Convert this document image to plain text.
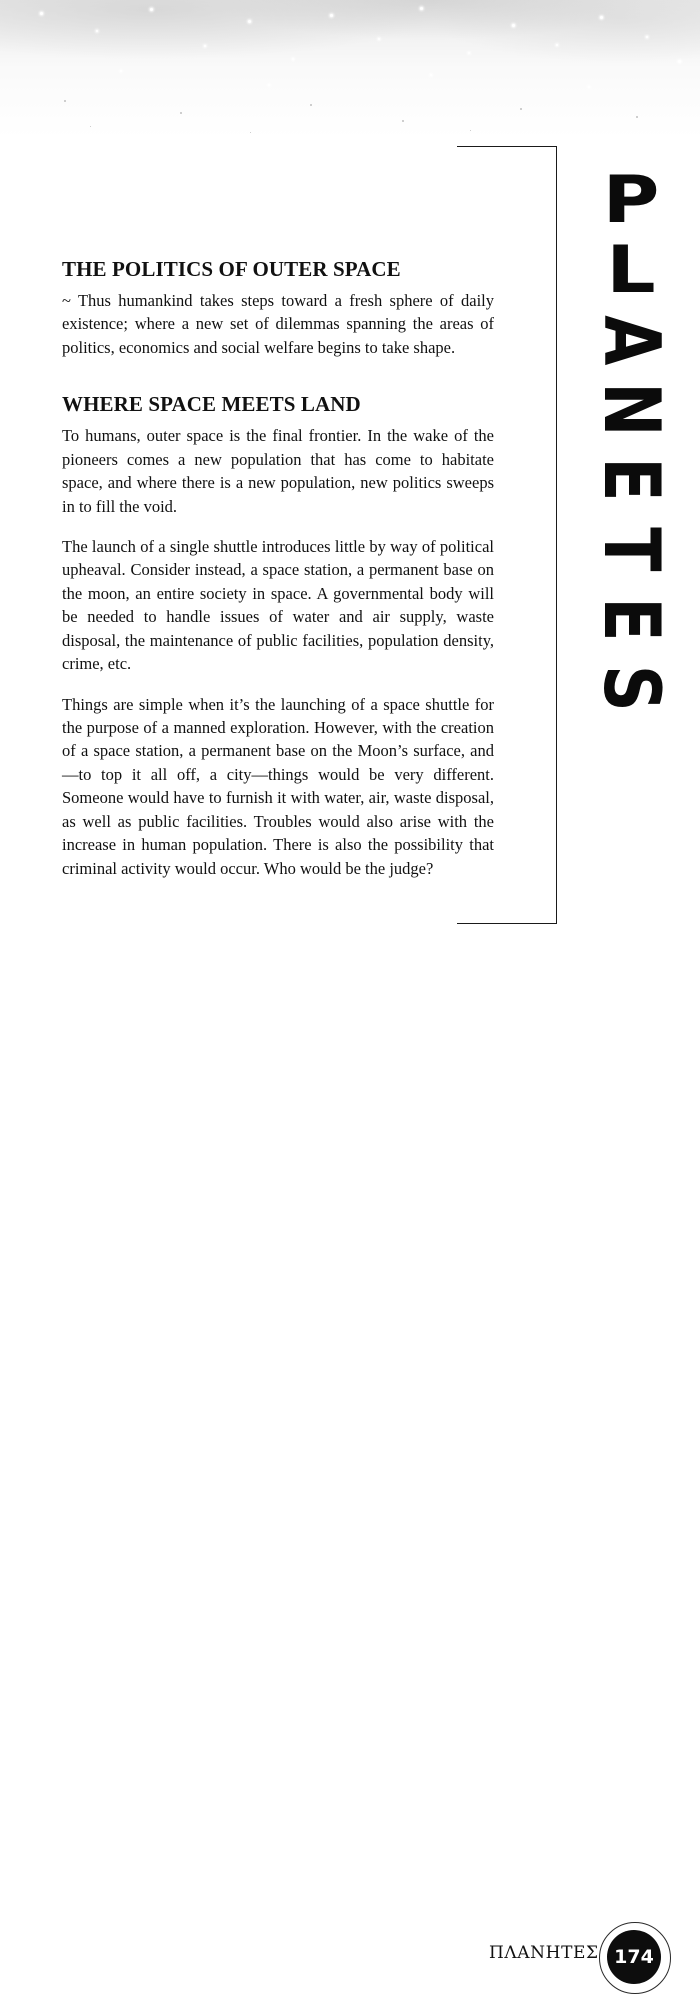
THE POLITICS OF OUTER SPACE

~ Thus humankind takes steps toward a fresh sphere of daily existence; where a new set of dilemmas spanning the areas of politics, economics and social welfare begins to take shape.

WHERE SPACE MEETS LAND

To humans, outer space is the final frontier. In the wake of the pioneers comes a new population that has come to habitate space, and where there is a new population, new politics sweeps in to fill the void.

The launch of a single shuttle introduces little by way of political upheaval. Consider instead, a space station, a permanent base on the moon, an entire society in space. A governmental body will be needed to handle issues of water and air supply, waste disposal, the maintenance of public facilities, population density, crime, etc.

Things are simple when it’s the launching of a space shuttle for the purpose of a manned exploration. However, with the creation of a space station, a permanent base on the Moon’s surface, and—to top it all off, a city—things would be very different. Someone would have to furnish it with water, air, waste disposal, as well as public facilities. Troubles would also arise with the increase in human population. There is also the possibility that criminal activity would occur. Who would be the judge?

P
L
A
N
E
T
E
S
ΠΛΑΝΗΤΕΣ 174
